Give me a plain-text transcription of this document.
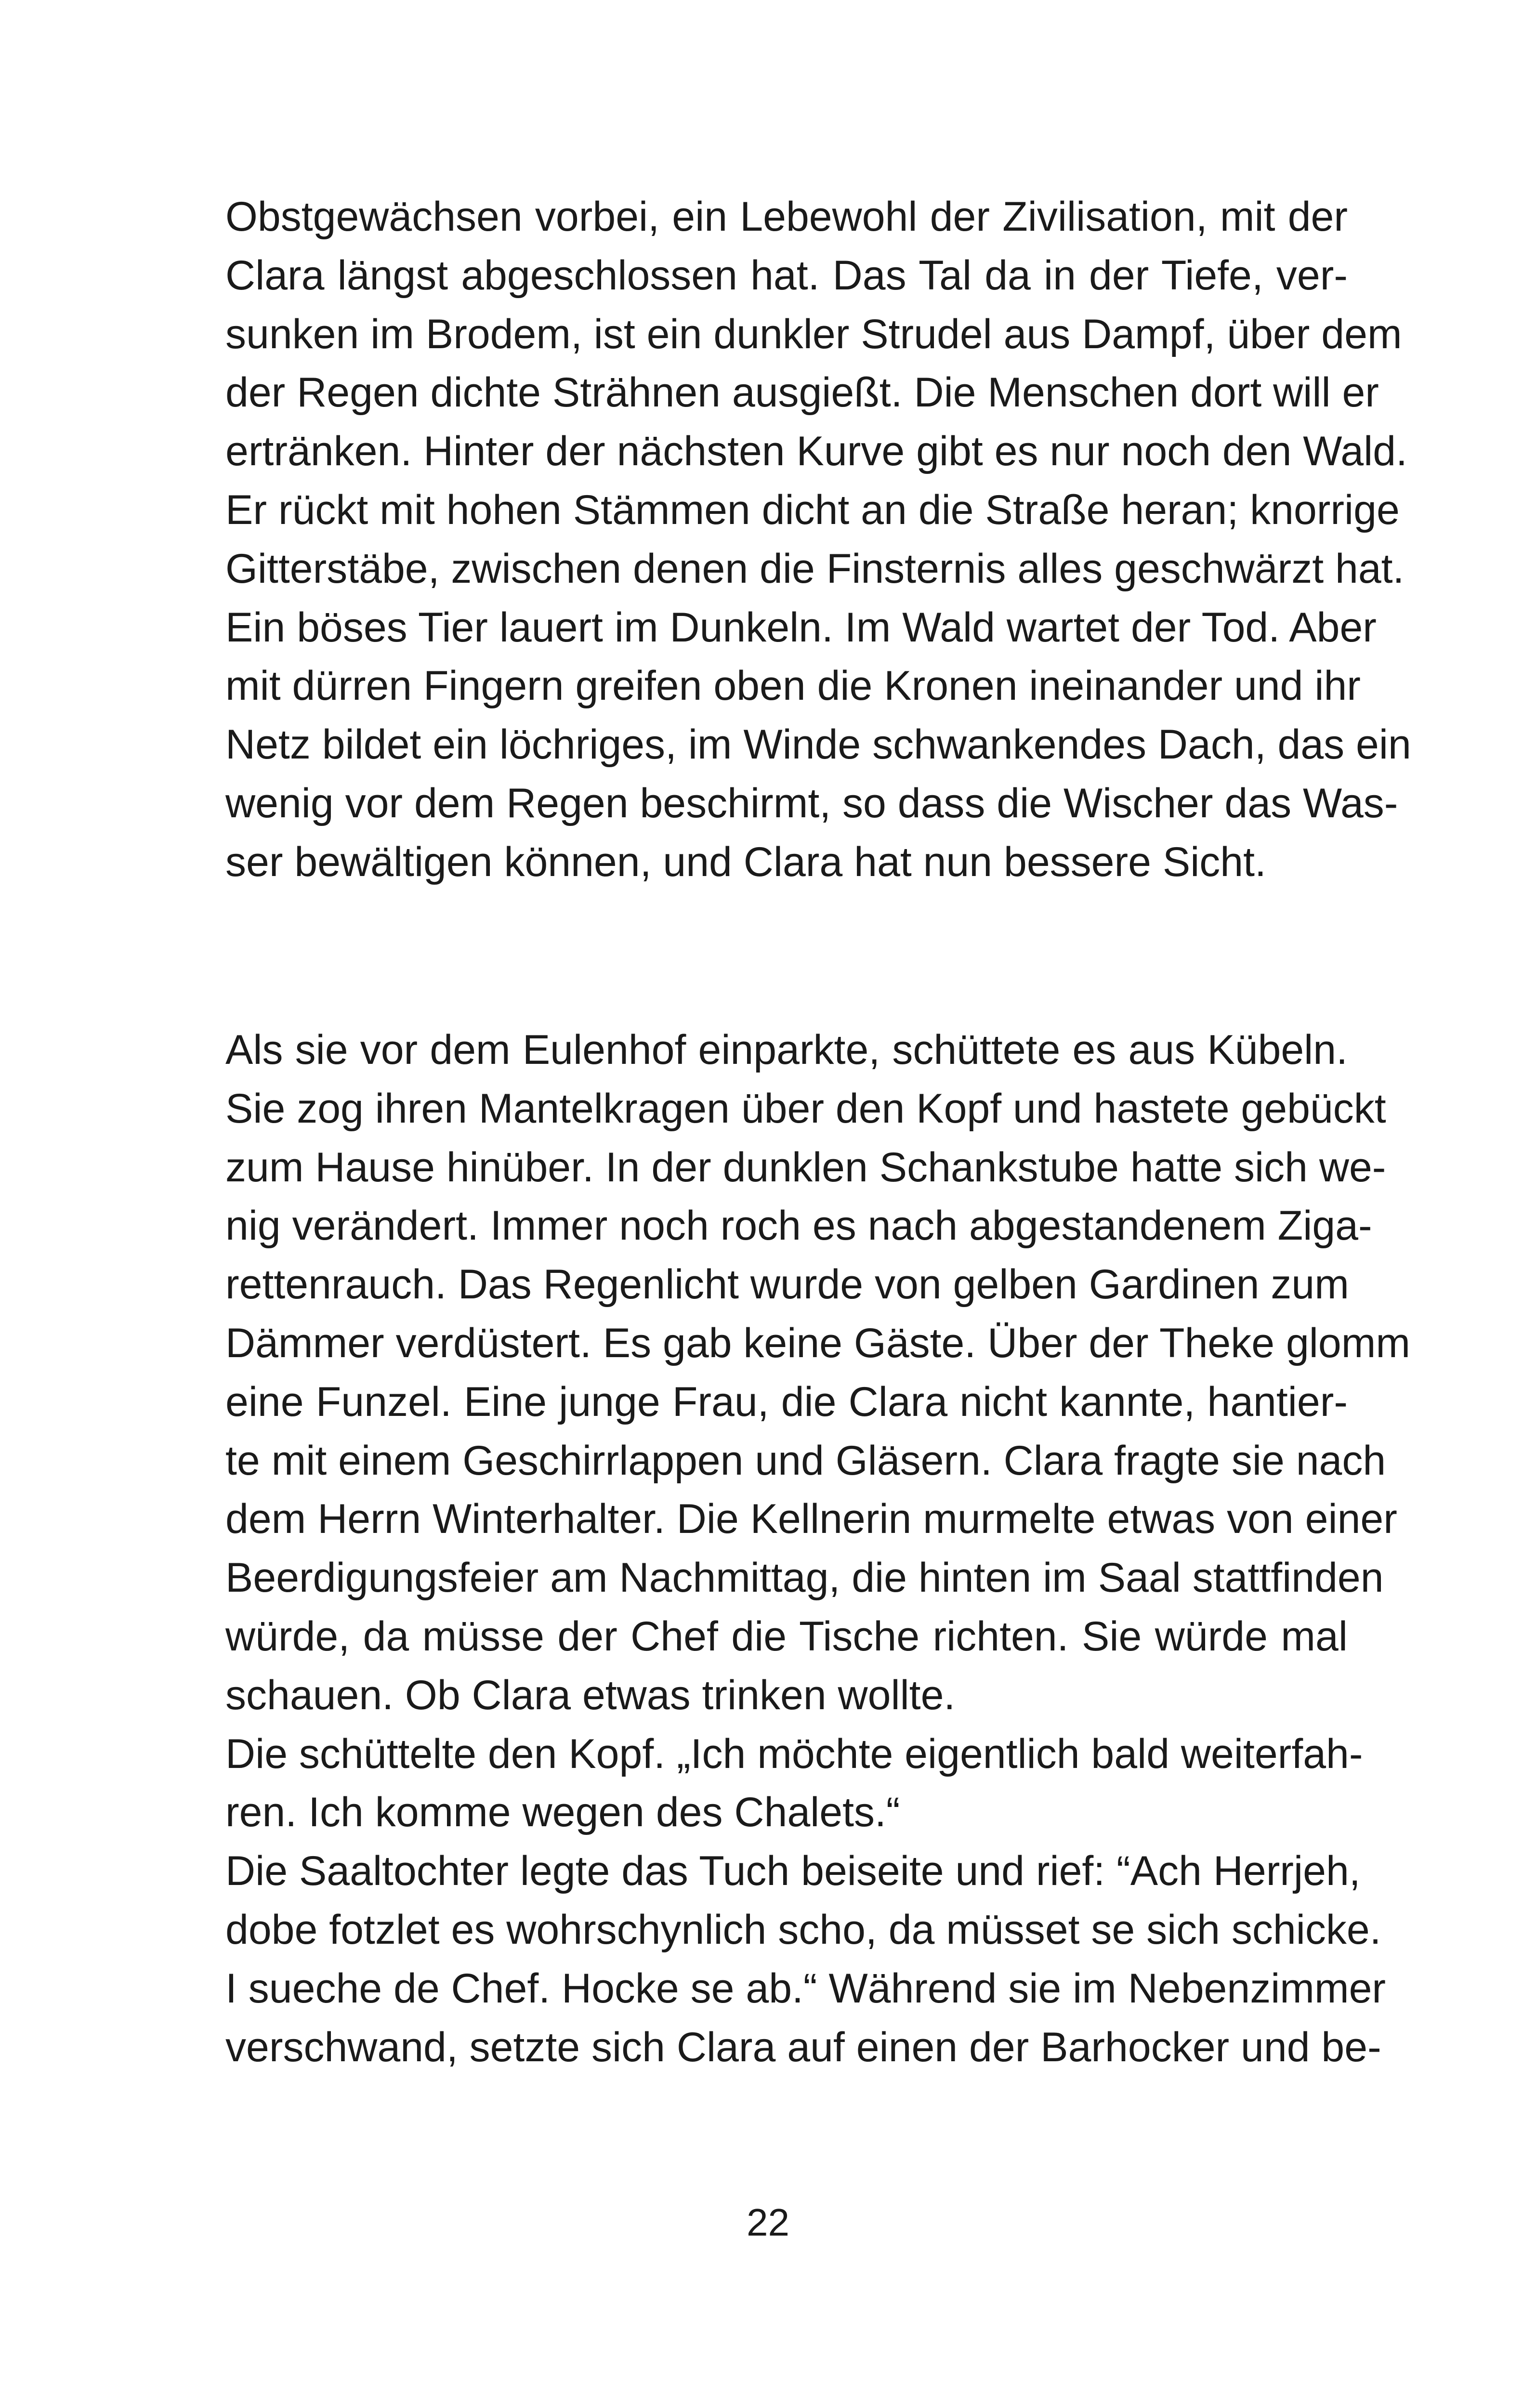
Obstgewächsen vorbei, ein Lebewohl der Zivilisation, mit der
Clara längst abgeschlossen hat. Das Tal da in der Tiefe, ver-
sunken im Brodem, ist ein dunkler Strudel aus Dampf, über dem
der Regen dichte Strähnen ausgießt. Die Menschen dort will er
ertränken. Hinter der nächsten Kurve gibt es nur noch den Wald.
Er rückt mit hohen Stämmen dicht an die Straße heran; knorrige
Gitterstäbe, zwischen denen die Finsternis alles geschwärzt hat.
Ein böses Tier lauert im Dunkeln. Im Wald wartet der Tod. Aber
mit dürren Fingern greifen oben die Kronen ineinander und ihr
Netz bildet ein löchriges, im Winde schwankendes Dach, das ein
wenig vor dem Regen beschirmt, so dass die Wischer das Was-
ser bewältigen können, und Clara hat nun bessere Sicht.
Als sie vor dem Eulenhof einparkte, schüttete es aus Kübeln.
Sie zog ihren Mantelkragen über den Kopf und hastete gebückt
zum Hause hinüber. In der dunklen Schankstube hatte sich we-
nig verändert. Immer noch roch es nach abgestandenem Ziga-
rettenrauch. Das Regenlicht wurde von gelben Gardinen zum
Dämmer verdüstert. Es gab keine Gäste. Über der Theke glomm
eine Funzel. Eine junge Frau, die Clara nicht kannte, hantier-
te mit einem Geschirrlappen und Gläsern. Clara fragte sie nach
dem Herrn Winterhalter. Die Kellnerin murmelte etwas von einer
Beerdigungsfeier am Nachmittag, die hinten im Saal stattfinden
würde, da müsse der Chef die Tische richten. Sie würde mal
schauen. Ob Clara etwas trinken wollte.
Die schüttelte den Kopf. „Ich möchte eigentlich bald weiterfah-
ren. Ich komme wegen des Chalets.“
Die Saaltochter legte das Tuch beiseite und rief: “Ach Herrjeh,
dobe fotzlet es wohrschynlich scho, da müsset se sich schicke.
I sueche de Chef. Hocke se ab.“ Während sie im Nebenzimmer
verschwand, setzte sich Clara auf einen der Barhocker und be-
22
